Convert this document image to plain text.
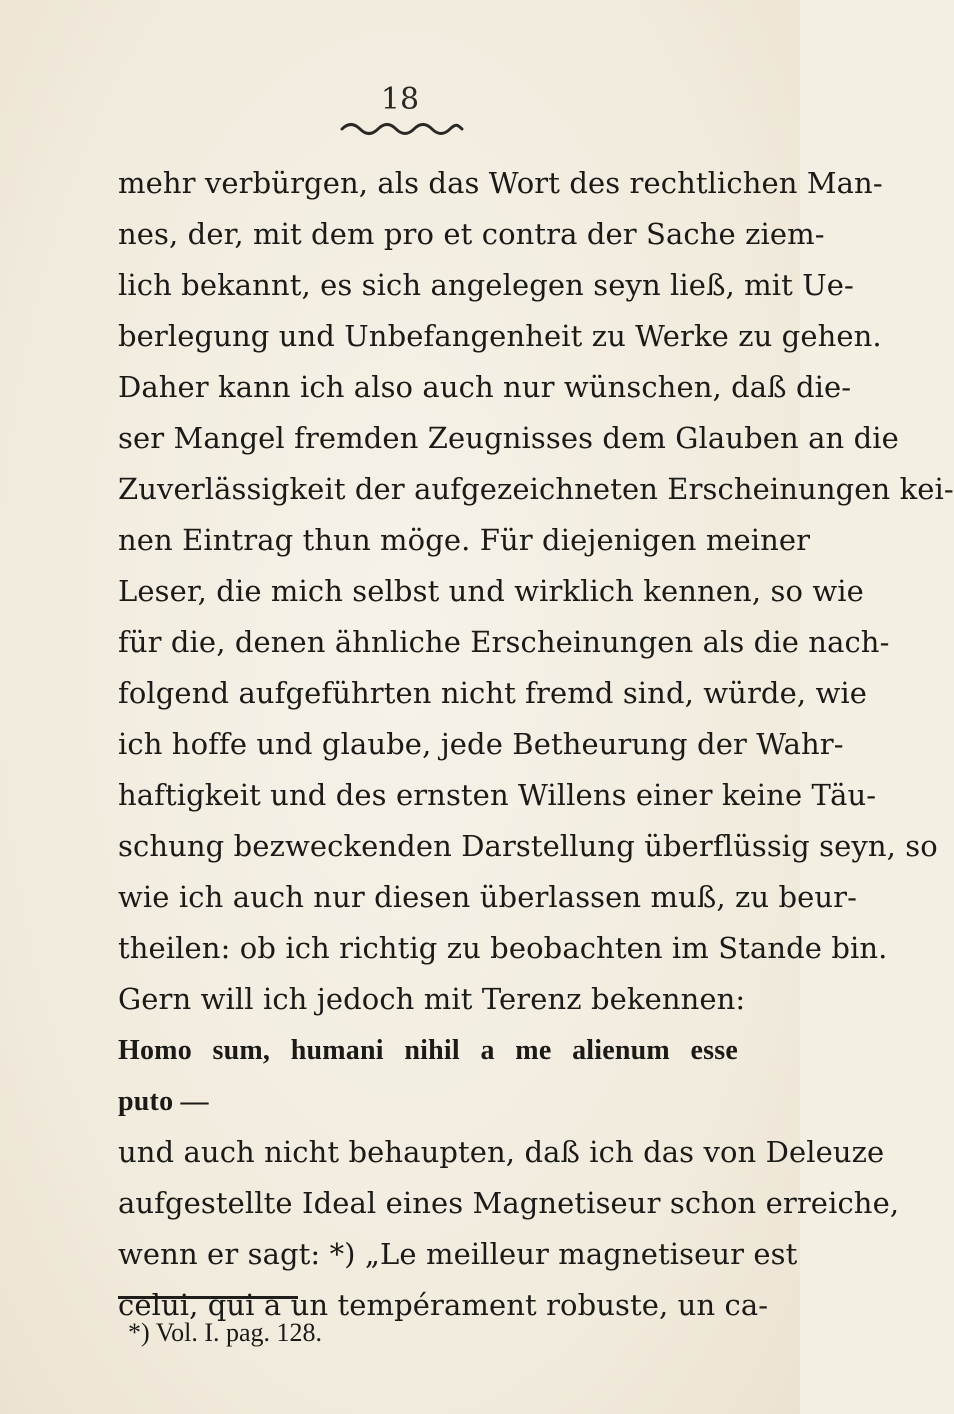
18
mehr verbürgen, als das Wort des rechtlichen Man-
nes, der, mit dem pro et contra der Sache ziem-
lich bekannt, es sich angelegen seyn ließ, mit Ue-
berlegung und Unbefangenheit zu Werke zu gehen.
Daher kann ich also auch nur wünschen, daß die-
ser Mangel fremden Zeugnisses dem Glauben an die
Zuverlässigkeit der aufgezeichneten Erscheinungen kei-
nen Eintrag thun möge. Für diejenigen meiner
Leser, die mich selbst und wirklich kennen, so wie
für die, denen ähnliche Erscheinungen als die nach-
folgend aufgeführten nicht fremd sind, würde, wie
ich hoffe und glaube, jede Betheurung der Wahr-
haftigkeit und des ernsten Willens einer keine Täu-
schung bezweckenden Darstellung überflüssig seyn, so
wie ich auch nur diesen überlassen muß, zu beur-
theilen: ob ich richtig zu beobachten im Stande bin.
Gern will ich jedoch mit Terenz bekennen:
Homo sum, humani nihil a me alienum esse
puto —
und auch nicht behaupten, daß ich das von Deleuze
aufgestellte Ideal eines Magnetiseur schon erreiche,
wenn er sagt: *) „Le meilleur magnetiseur est
celui, qui a un tempérament robuste, un ca-
*) Vol. I. pag. 128.
